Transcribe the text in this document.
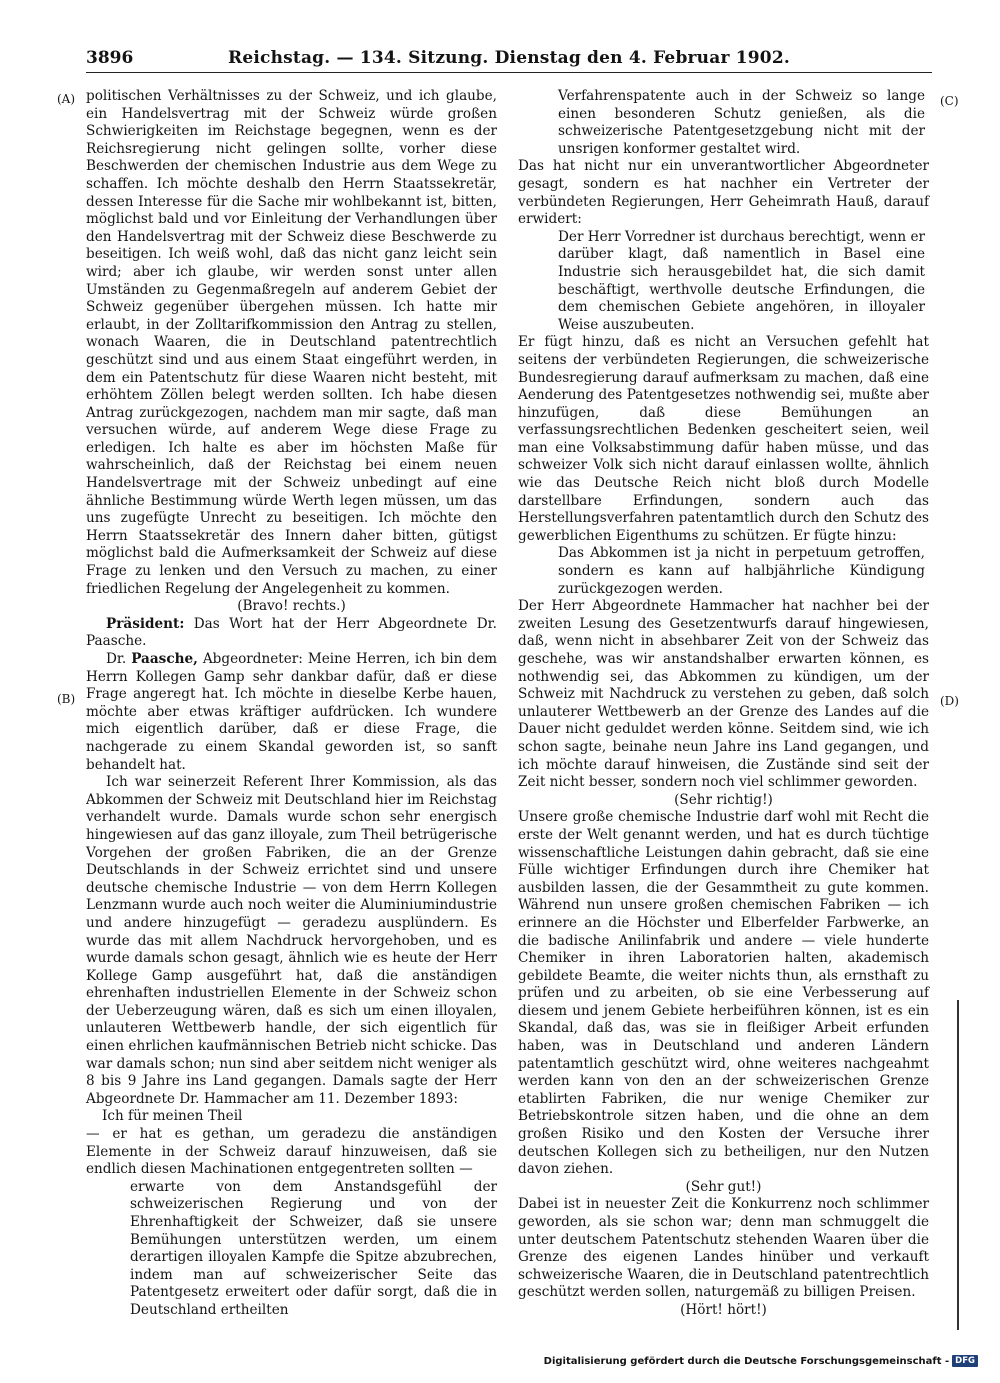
3896	Reichstag. — 134. Sitzung. Dienstag den 4. Februar 1902.
(A)
(B)
(C)
(D)

politischen Verhältnisses zu der Schweiz, und ich glaube, ein Handelsvertrag mit der Schweiz würde großen Schwierigkeiten im Reichstage begegnen, wenn es der Reichsregierung nicht gelingen sollte, vorher diese Beschwerden der chemischen Industrie aus dem Wege zu schaffen. Ich möchte deshalb den Herrn Staatssekretär, dessen Interesse für die Sache mir wohlbekannt ist, bitten, möglichst bald und vor Einleitung der Verhandlungen über den Handelsvertrag mit der Schweiz diese Beschwerde zu beseitigen. Ich weiß wohl, daß das nicht ganz leicht sein wird; aber ich glaube, wir werden sonst unter allen Umständen zu Gegenmaßregeln auf anderem Gebiet der Schweiz gegenüber übergehen müssen. Ich hatte mir erlaubt, in der Zolltarifkommission den Antrag zu stellen, wonach Waaren, die in Deutschland patentrechtlich geschützt sind und aus einem Staat eingeführt werden, in dem ein Patentschutz für diese Waaren nicht besteht, mit erhöhtem Zöllen belegt werden sollten. Ich habe diesen Antrag zurückgezogen, nachdem man mir sagte, daß man versuchen würde, auf anderem Wege diese Frage zu erledigen. Ich halte es aber im höchsten Maße für wahrscheinlich, daß der Reichstag bei einem neuen Handelsvertrage mit der Schweiz unbedingt auf eine ähnliche Bestimmung würde Werth legen müssen, um das uns zugefügte Unrecht zu beseitigen. Ich möchte den Herrn Staatssekretär des Innern daher bitten, gütigst möglichst bald die Aufmerksamkeit der Schweiz auf diese Frage zu lenken und den Versuch zu machen, zu einer friedlichen Regelung der Angelegenheit zu kommen.

(Bravo! rechts.)

Präsident: Das Wort hat der Herr Abgeordnete Dr. Paasche.

Dr. Paasche, Abgeordneter: Meine Herren, ich bin dem Herrn Kollegen Gamp sehr dankbar dafür, daß er diese Frage angeregt hat. Ich möchte in dieselbe Kerbe hauen, möchte aber etwas kräftiger aufdrücken. Ich wundere mich eigentlich darüber, daß er diese Frage, die nachgerade zu einem Skandal geworden ist, so sanft behandelt hat.

Ich war seinerzeit Referent Ihrer Kommission, als das Abkommen der Schweiz mit Deutschland hier im Reichstag verhandelt wurde. Damals wurde schon sehr energisch hingewiesen auf das ganz illoyale, zum Theil betrügerische Vorgehen der großen Fabriken, die an der Grenze Deutschlands in der Schweiz errichtet sind und unsere deutsche chemische Industrie — von dem Herrn Kollegen Lenzmann wurde auch noch weiter die Aluminiumindustrie und andere hinzugefügt — geradezu ausplündern. Es wurde das mit allem Nachdruck hervorgehoben, und es wurde damals schon gesagt, ähnlich wie es heute der Herr Kollege Gamp ausgeführt hat, daß die anständigen ehrenhaften industriellen Elemente in der Schweiz schon der Ueberzeugung wären, daß es sich um einen illoyalen, unlauteren Wettbewerb handle, der sich eigentlich für einen ehrlichen kaufmännischen Betrieb nicht schicke. Das war damals schon; nun sind aber seitdem nicht weniger als 8 bis 9 Jahre ins Land gegangen. Damals sagte der Herr Abgeordnete Dr. Hammacher am 11. Dezember 1893:

Ich für meinen Theil

— er hat es gethan, um geradezu die anständigen Elemente in der Schweiz darauf hinzuweisen, daß sie endlich diesen Machinationen entgegentreten sollten —

erwarte von dem Anstandsgefühl der schweizerischen Regierung und von der Ehrenhaftigkeit der Schweizer, daß sie unsere Bemühungen unterstützen werden, um einem derartigen illoyalen Kampfe die Spitze abzubrechen, indem man auf schweizerischer Seite das Patentgesetz erweitert oder dafür sorgt, daß die in Deutschland ertheilten

Verfahrenspatente auch in der Schweiz so lange einen besonderen Schutz genießen, als die schweizerische Patentgesetzgebung nicht mit der unsrigen konformer gestaltet wird.

Das hat nicht nur ein unverantwortlicher Abgeordneter gesagt, sondern es hat nachher ein Vertreter der verbündeten Regierungen, Herr Geheimrath Hauß, darauf erwidert:

Der Herr Vorredner ist durchaus berechtigt, wenn er darüber klagt, daß namentlich in Basel eine Industrie sich herausgebildet hat, die sich damit beschäftigt, werthvolle deutsche Erfindungen, die dem chemischen Gebiete angehören, in illoyaler Weise auszubeuten.

Er fügt hinzu, daß es nicht an Versuchen gefehlt hat seitens der verbündeten Regierungen, die schweizerische Bundesregierung darauf aufmerksam zu machen, daß eine Aenderung des Patentgesetzes nothwendig sei, mußte aber hinzufügen, daß diese Bemühungen an verfassungsrechtlichen Bedenken gescheitert seien, weil man eine Volksabstimmung dafür haben müsse, und das schweizer Volk sich nicht darauf einlassen wollte, ähnlich wie das Deutsche Reich nicht bloß durch Modelle darstellbare Erfindungen, sondern auch das Herstellungsverfahren patentamtlich durch den Schutz des gewerblichen Eigenthums zu schützen. Er fügte hinzu:

Das Abkommen ist ja nicht in perpetuum getroffen, sondern es kann auf halbjährliche Kündigung zurückgezogen werden.

Der Herr Abgeordnete Hammacher hat nachher bei der zweiten Lesung des Gesetzentwurfs darauf hingewiesen, daß, wenn nicht in absehbarer Zeit von der Schweiz das geschehe, was wir anstandshalber erwarten können, es nothwendig sei, das Abkommen zu kündigen, um der Schweiz mit Nachdruck zu verstehen zu geben, daß solch unlauterer Wettbewerb an der Grenze des Landes auf die Dauer nicht geduldet werden könne. Seitdem sind, wie ich schon sagte, beinahe neun Jahre ins Land gegangen, und ich möchte darauf hinweisen, die Zustände sind seit der Zeit nicht besser, sondern noch viel schlimmer geworden.

(Sehr richtig!)

Unsere große chemische Industrie darf wohl mit Recht die erste der Welt genannt werden, und hat es durch tüchtige wissenschaftliche Leistungen dahin gebracht, daß sie eine Fülle wichtiger Erfindungen durch ihre Chemiker hat ausbilden lassen, die der Gesammtheit zu gute kommen. Während nun unsere großen chemischen Fabriken — ich erinnere an die Höchster und Elberfelder Farbwerke, an die badische Anilinfabrik und andere — viele hunderte Chemiker in ihren Laboratorien halten, akademisch gebildete Beamte, die weiter nichts thun, als ernsthaft zu prüfen und zu arbeiten, ob sie eine Verbesserung auf diesem und jenem Gebiete herbeiführen können, ist es ein Skandal, daß das, was sie in fleißiger Arbeit erfunden haben, was in Deutschland und anderen Ländern patentamtlich geschützt wird, ohne weiteres nachgeahmt werden kann von den an der schweizerischen Grenze etablirten Fabriken, die nur wenige Chemiker zur Betriebskontrole sitzen haben, und die ohne an dem großen Risiko und den Kosten der Versuche ihrer deutschen Kollegen sich zu betheiligen, nur den Nutzen davon ziehen.

(Sehr gut!)

Dabei ist in neuester Zeit die Konkurrenz noch schlimmer geworden, als sie schon war; denn man schmuggelt die unter deutschem Patentschutz stehenden Waaren über die Grenze des eigenen Landes hinüber und verkauft schweizerische Waaren, die in Deutschland patentrechtlich geschützt werden sollen, naturgemäß zu billigen Preisen.

(Hört! hört!)

Digitalisierung gefördert durch die Deutsche Forschungsgemeinschaft - DFG
